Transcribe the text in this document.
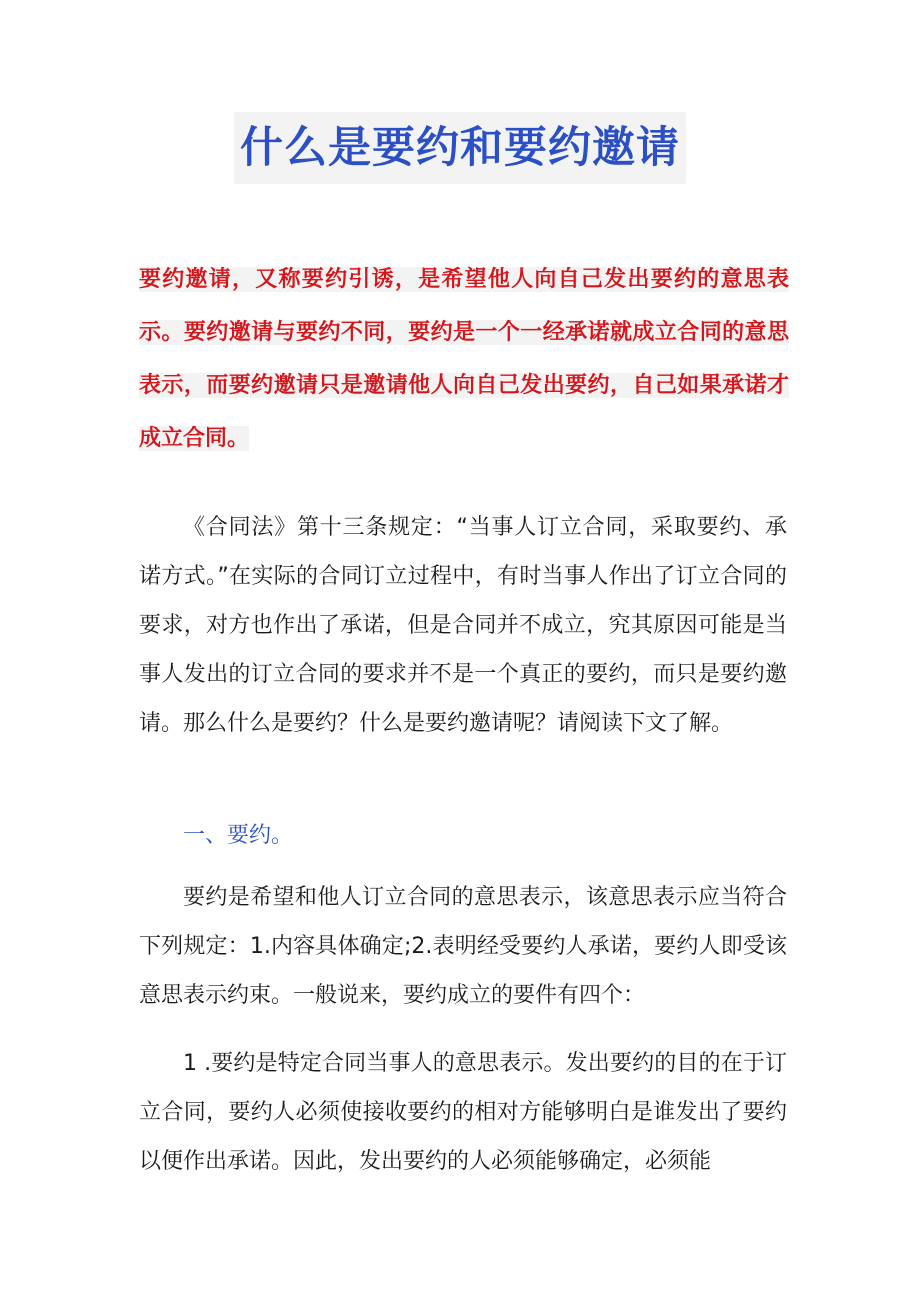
什么是要约和要约邀请
要约邀请，又称要约引诱，是希望他人向自己发出要约的意思表示。要约邀请与要约不同，要约是一个一经承诺就成立合同的意思表示，而要约邀请只是邀请他人向自己发出要约，自己如果承诺才成立合同。
《合同法》第十三条规定：“当事人订立合同，采取要约、承诺方式。”在实际的合同订立过程中，有时当事人作出了订立合同的要求，对方也作出了承诺，但是合同并不成立，究其原因可能是当事人发出的订立合同的要求并不是一个真正的要约，而只是要约邀请。那么什么是要约？什么是要约邀请呢？请阅读下文了解。
一、要约。
要约是希望和他人订立合同的意思表示，该意思表示应当符合下列规定：1.内容具体确定;2.表明经受要约人承诺，要约人即受该意思表示约束。一般说来，要约成立的要件有四个：
1 .要约是特定合同当事人的意思表示。发出要约的目的在于订立合同，要约人必须使接收要约的相对方能够明白是谁发出了要约以便作出承诺。因此，发出要约的人必须能够确定，必须能
